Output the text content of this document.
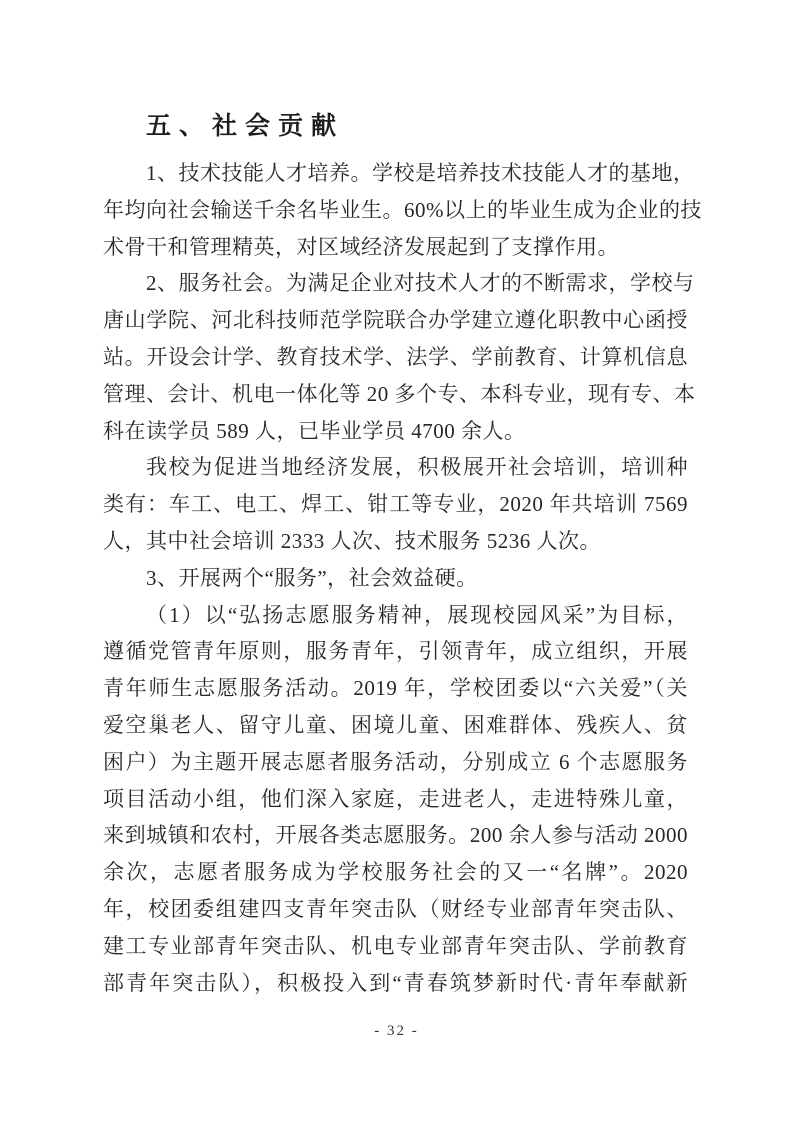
五、社会贡献
1、技术技能人才培养。学校是培养技术技能人才的基地，
年均向社会输送千余名毕业生。60%以上的毕业生成为企业的技
术骨干和管理精英，对区域经济发展起到了支撑作用。
2、服务社会。为满足企业对技术人才的不断需求，学校与
唐山学院、河北科技师范学院联合办学建立遵化职教中心函授
站。开设会计学、教育技术学、法学、学前教育、计算机信息
管理、会计、机电一体化等 20 多个专、本科专业，现有专、本
科在读学员 589 人，已毕业学员 4700 余人。
我校为促进当地经济发展，积极展开社会培训，培训种
类有：车工、电工、焊工、钳工等专业，2020 年共培训 7569
人，其中社会培训 2333 人次、技术服务 5236 人次。
3、开展两个“服务”，社会效益硬。
（1）以“弘扬志愿服务精神，展现校园风采”为目标，
遵循党管青年原则，服务青年，引领青年，成立组织，开展
青年师生志愿服务活动。2019 年，学校团委以“六关爱”（关
爱空巢老人、留守儿童、困境儿童、困难群体、残疾人、贫
困户）为主题开展志愿者服务活动，分别成立 6 个志愿服务
项目活动小组，他们深入家庭，走进老人，走进特殊儿童，
来到城镇和农村，开展各类志愿服务。200 余人参与活动 2000
余次，志愿者服务成为学校服务社会的又一“名牌”。2020
年，校团委组建四支青年突击队（财经专业部青年突击队、
建工专业部青年突击队、机电专业部青年突击队、学前教育
部青年突击队），积极投入到“青春筑梦新时代·青年奉献新
- 32 -
